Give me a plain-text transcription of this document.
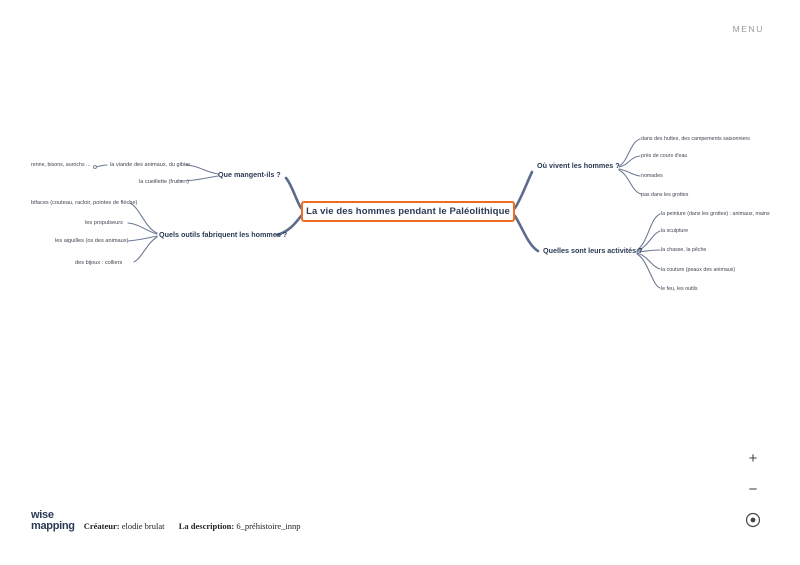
MENU
La vie des hommes pendant le Paléolithique
Que mangent-ils ?
la viande des animaux, du gibier
la cueillette (fruits...)
renne, bisons, aurochs ...
Quels outils fabriquent les hommes ?
bifaces (couteau, racloir, pointes de flèche)
les propulseurs
les aiguilles (os des animaux)
des bijoux : colliers
Où vivent les hommes ?
dans des huttes, des campements saisonniers
près de cours d'eau
nomades
pas dans les grottes
Quelles sont leurs activités ?
la peinture (dans les grottes) : animaux, mains
la sculpture
la chasse, la pêche
la couture (peaux des animaux)
le feu, les outils
+
−
wise
mapping Créateur: elodie brulat La description: 6_préhistoire_innp
